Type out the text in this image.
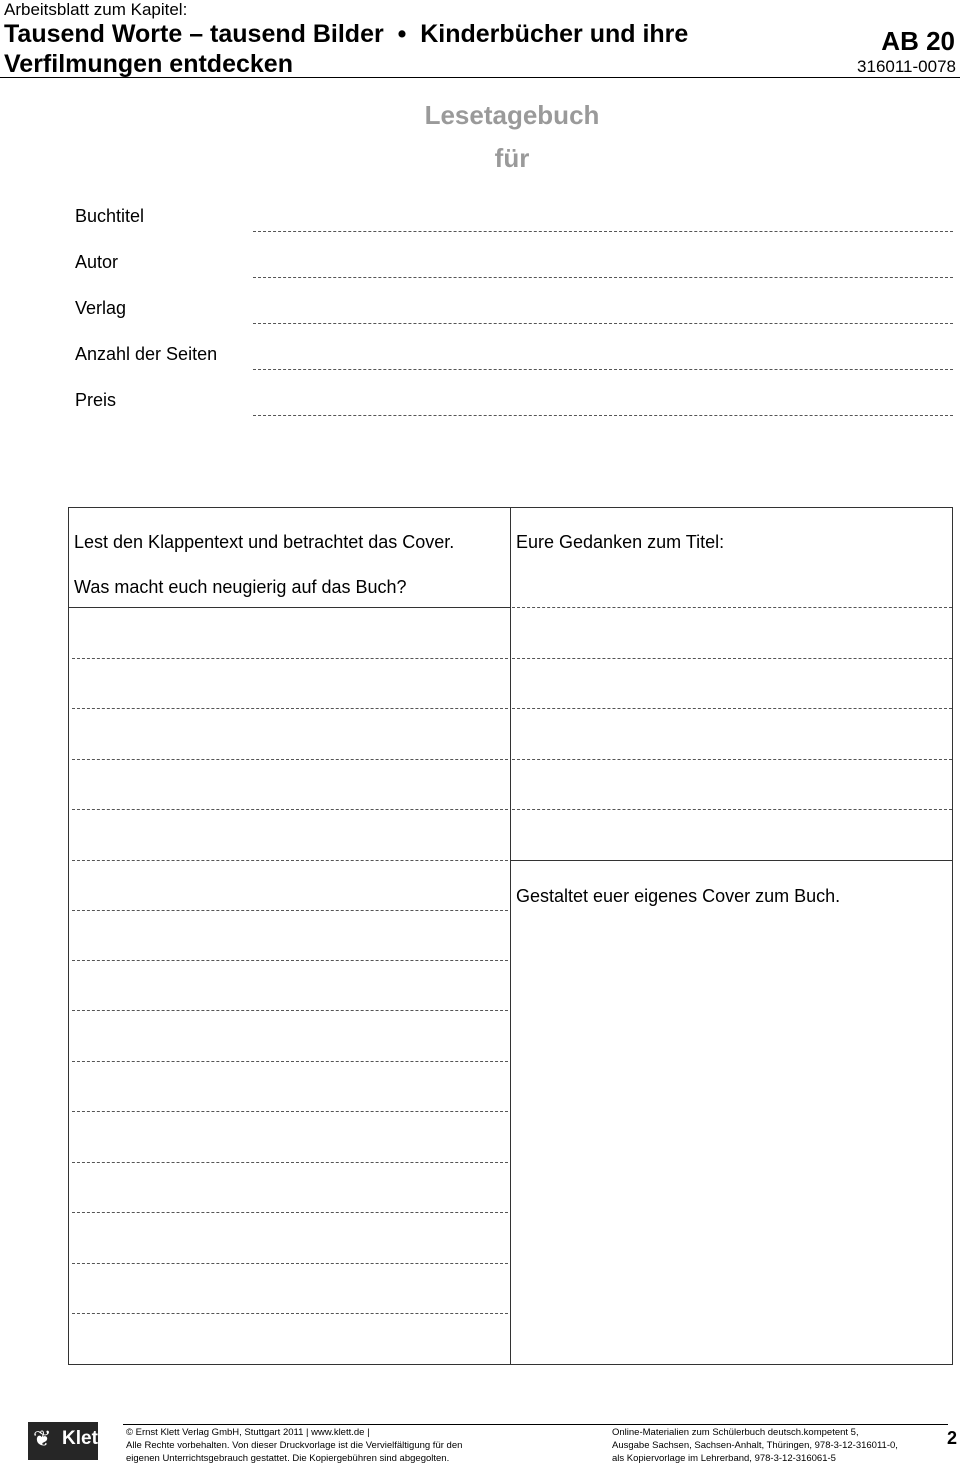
Arbeitsblatt zum Kapitel:
Tausend Worte – tausend Bilder  •  Kinderbücher und ihre
Verfilmungen entdecken
AB 20
316011-0078
Lesetagebuch
für
Buchtitel
Autor
Verlag
Anzahl der Seiten
Preis
Lest den Klappentext und betrachtet das Cover.
Was macht euch neugierig auf das Buch?
Eure Gedanken zum Titel:
Gestaltet euer eigenes Cover zum Buch.
❦ Klett © Ernst Klett Verlag GmbH, Stuttgart 2011 | www.klett.de |
Alle Rechte vorbehalten. Von dieser Druckvorlage ist die Vervielfältigung für den
eigenen Unterrichtsgebrauch gestattet. Die Kopiergebühren sind abgegolten.
Online-Materialien zum Schülerbuch deutsch.kompetent 5,
Ausgabe Sachsen, Sachsen-Anhalt, Thüringen, 978-3-12-316011-0,
als Kopiervorlage im Lehrerband, 978-3-12-316061-5
2
